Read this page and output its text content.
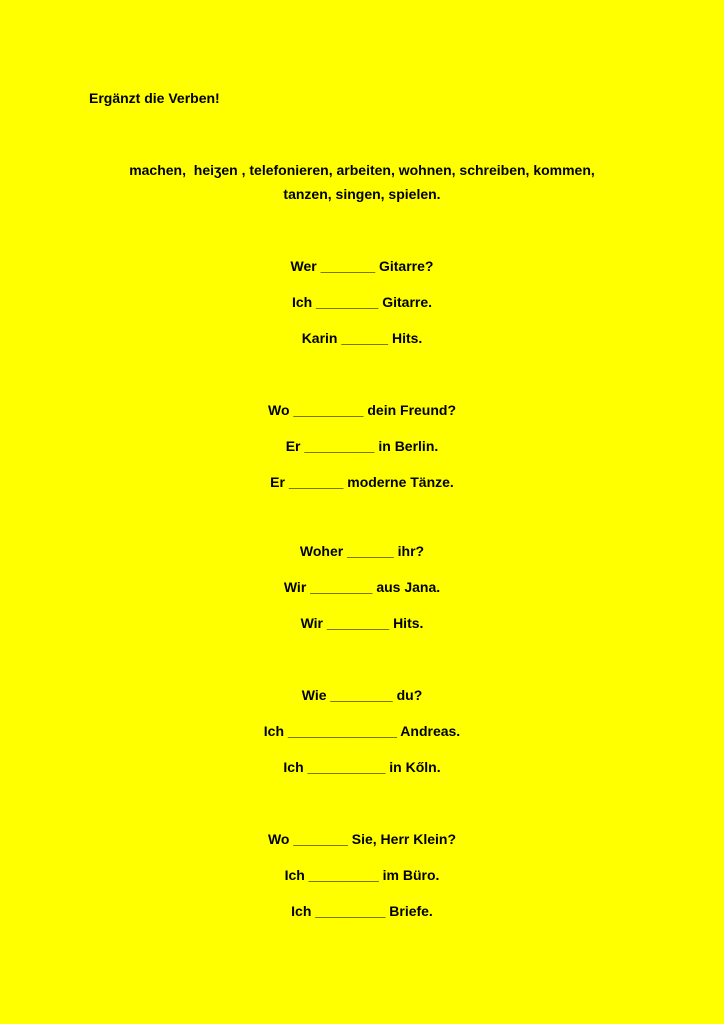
Ergänzt die Verben!
machen,  heiʒen , telefonieren, arbeiten, wohnen, schreiben, kommen,
tanzen, singen, spielen.
Wer _______ Gitarre?
Ich ________ Gitarre.
Karin ______ Hits.
Wo _________ dein Freund?
Er _________ in Berlin.
Er _______ moderne Tänze.
Woher ______ ihr?
Wir ________ aus Jana.
Wir ________ Hits.
Wie ________ du?
Ich ______________ Andreas.
Ich __________ in Kőln.
Wo _______ Sie, Herr Klein?
Ich _________ im Büro.
Ich _________ Briefe.
